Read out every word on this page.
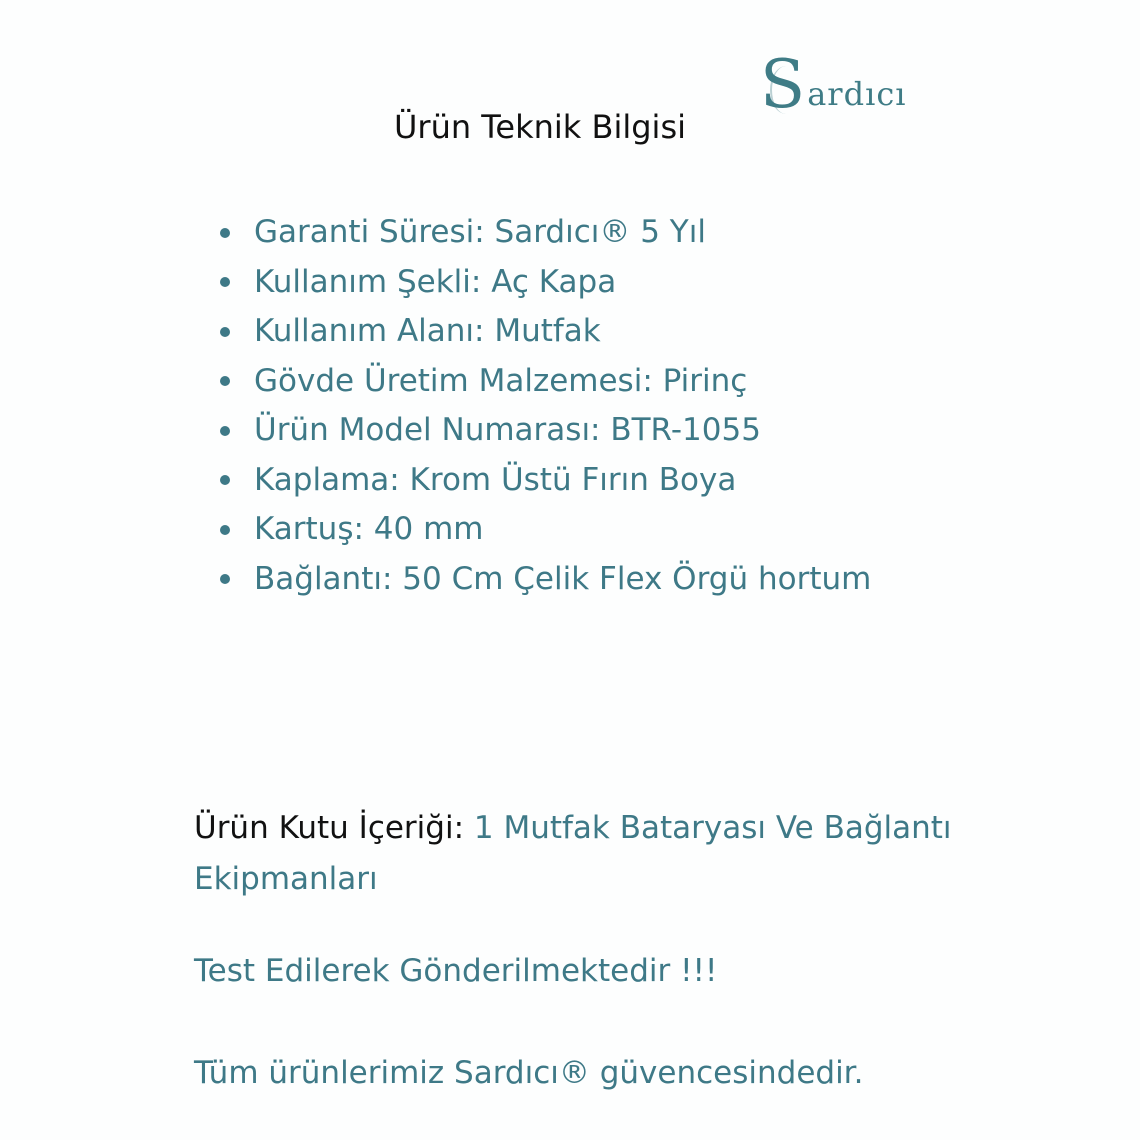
S ardıcı
Ürün Teknik Bilgisi
Garanti Süresi: Sardıcı® 5 Yıl
Kullanım Şekli: Aç Kapa
Kullanım Alanı: Mutfak
Gövde Üretim Malzemesi: Pirinç
Ürün Model Numarası: BTR-1055
Kaplama: Krom Üstü Fırın Boya
Kartuş: 40 mm
Bağlantı: 50 Cm Çelik Flex Örgü hortum

Ürün Kutu İçeriği: 1 Mutfak Bataryası Ve Bağlantı Ekipmanları

Test Edilerek Gönderilmektedir !!!

Tüm ürünlerimiz Sardıcı® güvencesindedir.
